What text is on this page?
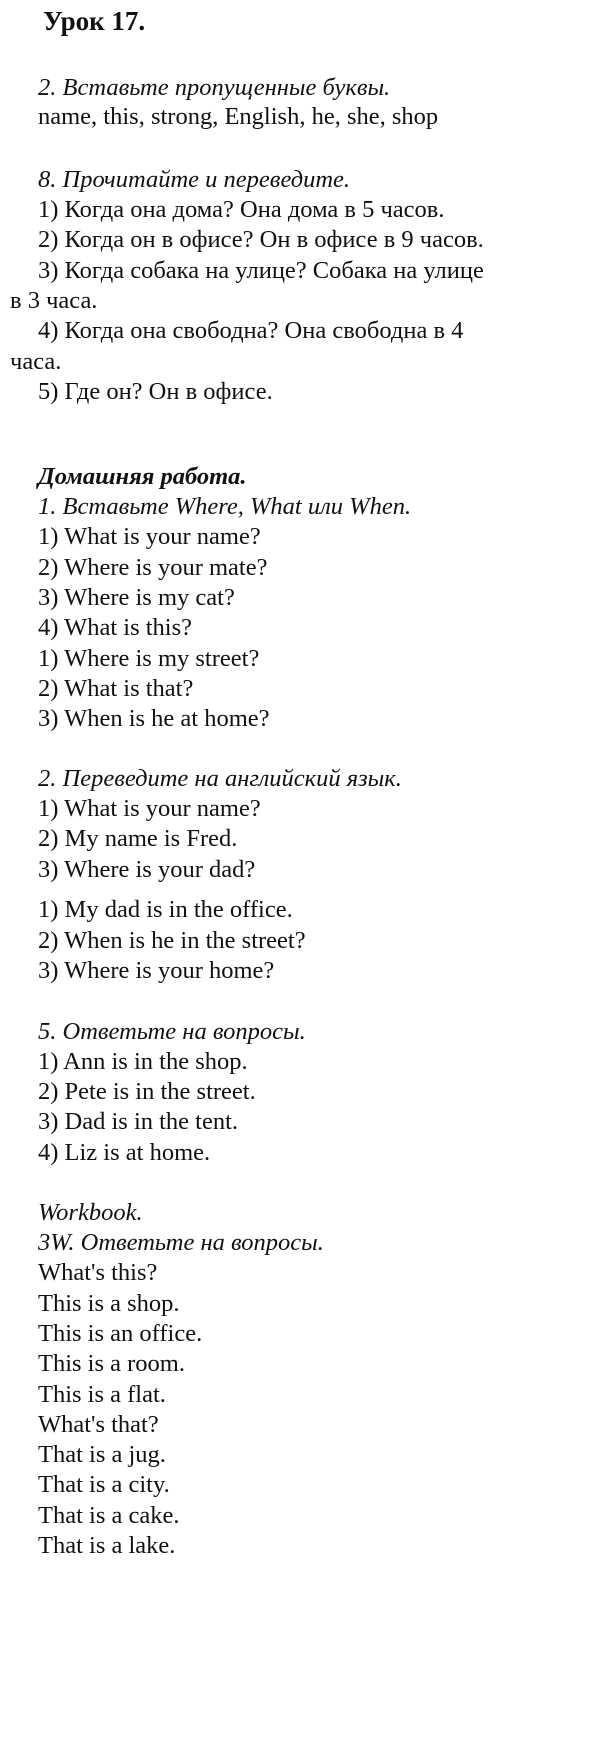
Урок 17.
2. Вставьте пропущенные буквы.
name, this, strong, English, he, she, shop
8. Прочитайте и переведите.
1) Когда она дома? Она дома в 5 часов.
2) Когда он в офисе? Он в офисе в 9 часов.
3) Когда собака на улице? Собака на улице
в 3 часа.
4) Когда она свободна? Она свободна в 4
часа.
5) Где он? Он в офисе.
Домашняя работа.
1. Вставьте Where, What или When.
1) What is your name?
2) Where is your mate?
3) Where is my cat?
4) What is this?
1) Where is my street?
2) What is that?
3) When is he at home?
2. Переведите на английский язык.
1) What is your name?
2) My name is Fred.
3) Where is your dad?
1) My dad is in the office.
2) When is he in the street?
3) Where is your home?
5. Ответьте на вопросы.
1) Ann is in the shop.
2) Pete is in the street.
3) Dad is in the tent.
4) Liz is at home.
Workbook.
3W. Ответьте на вопросы.
What's this?
This is a shop.
This is an office.
This is a room.
This is a flat.
What's that?
That is a jug.
That is a city.
That is a cake.
That is a lake.
